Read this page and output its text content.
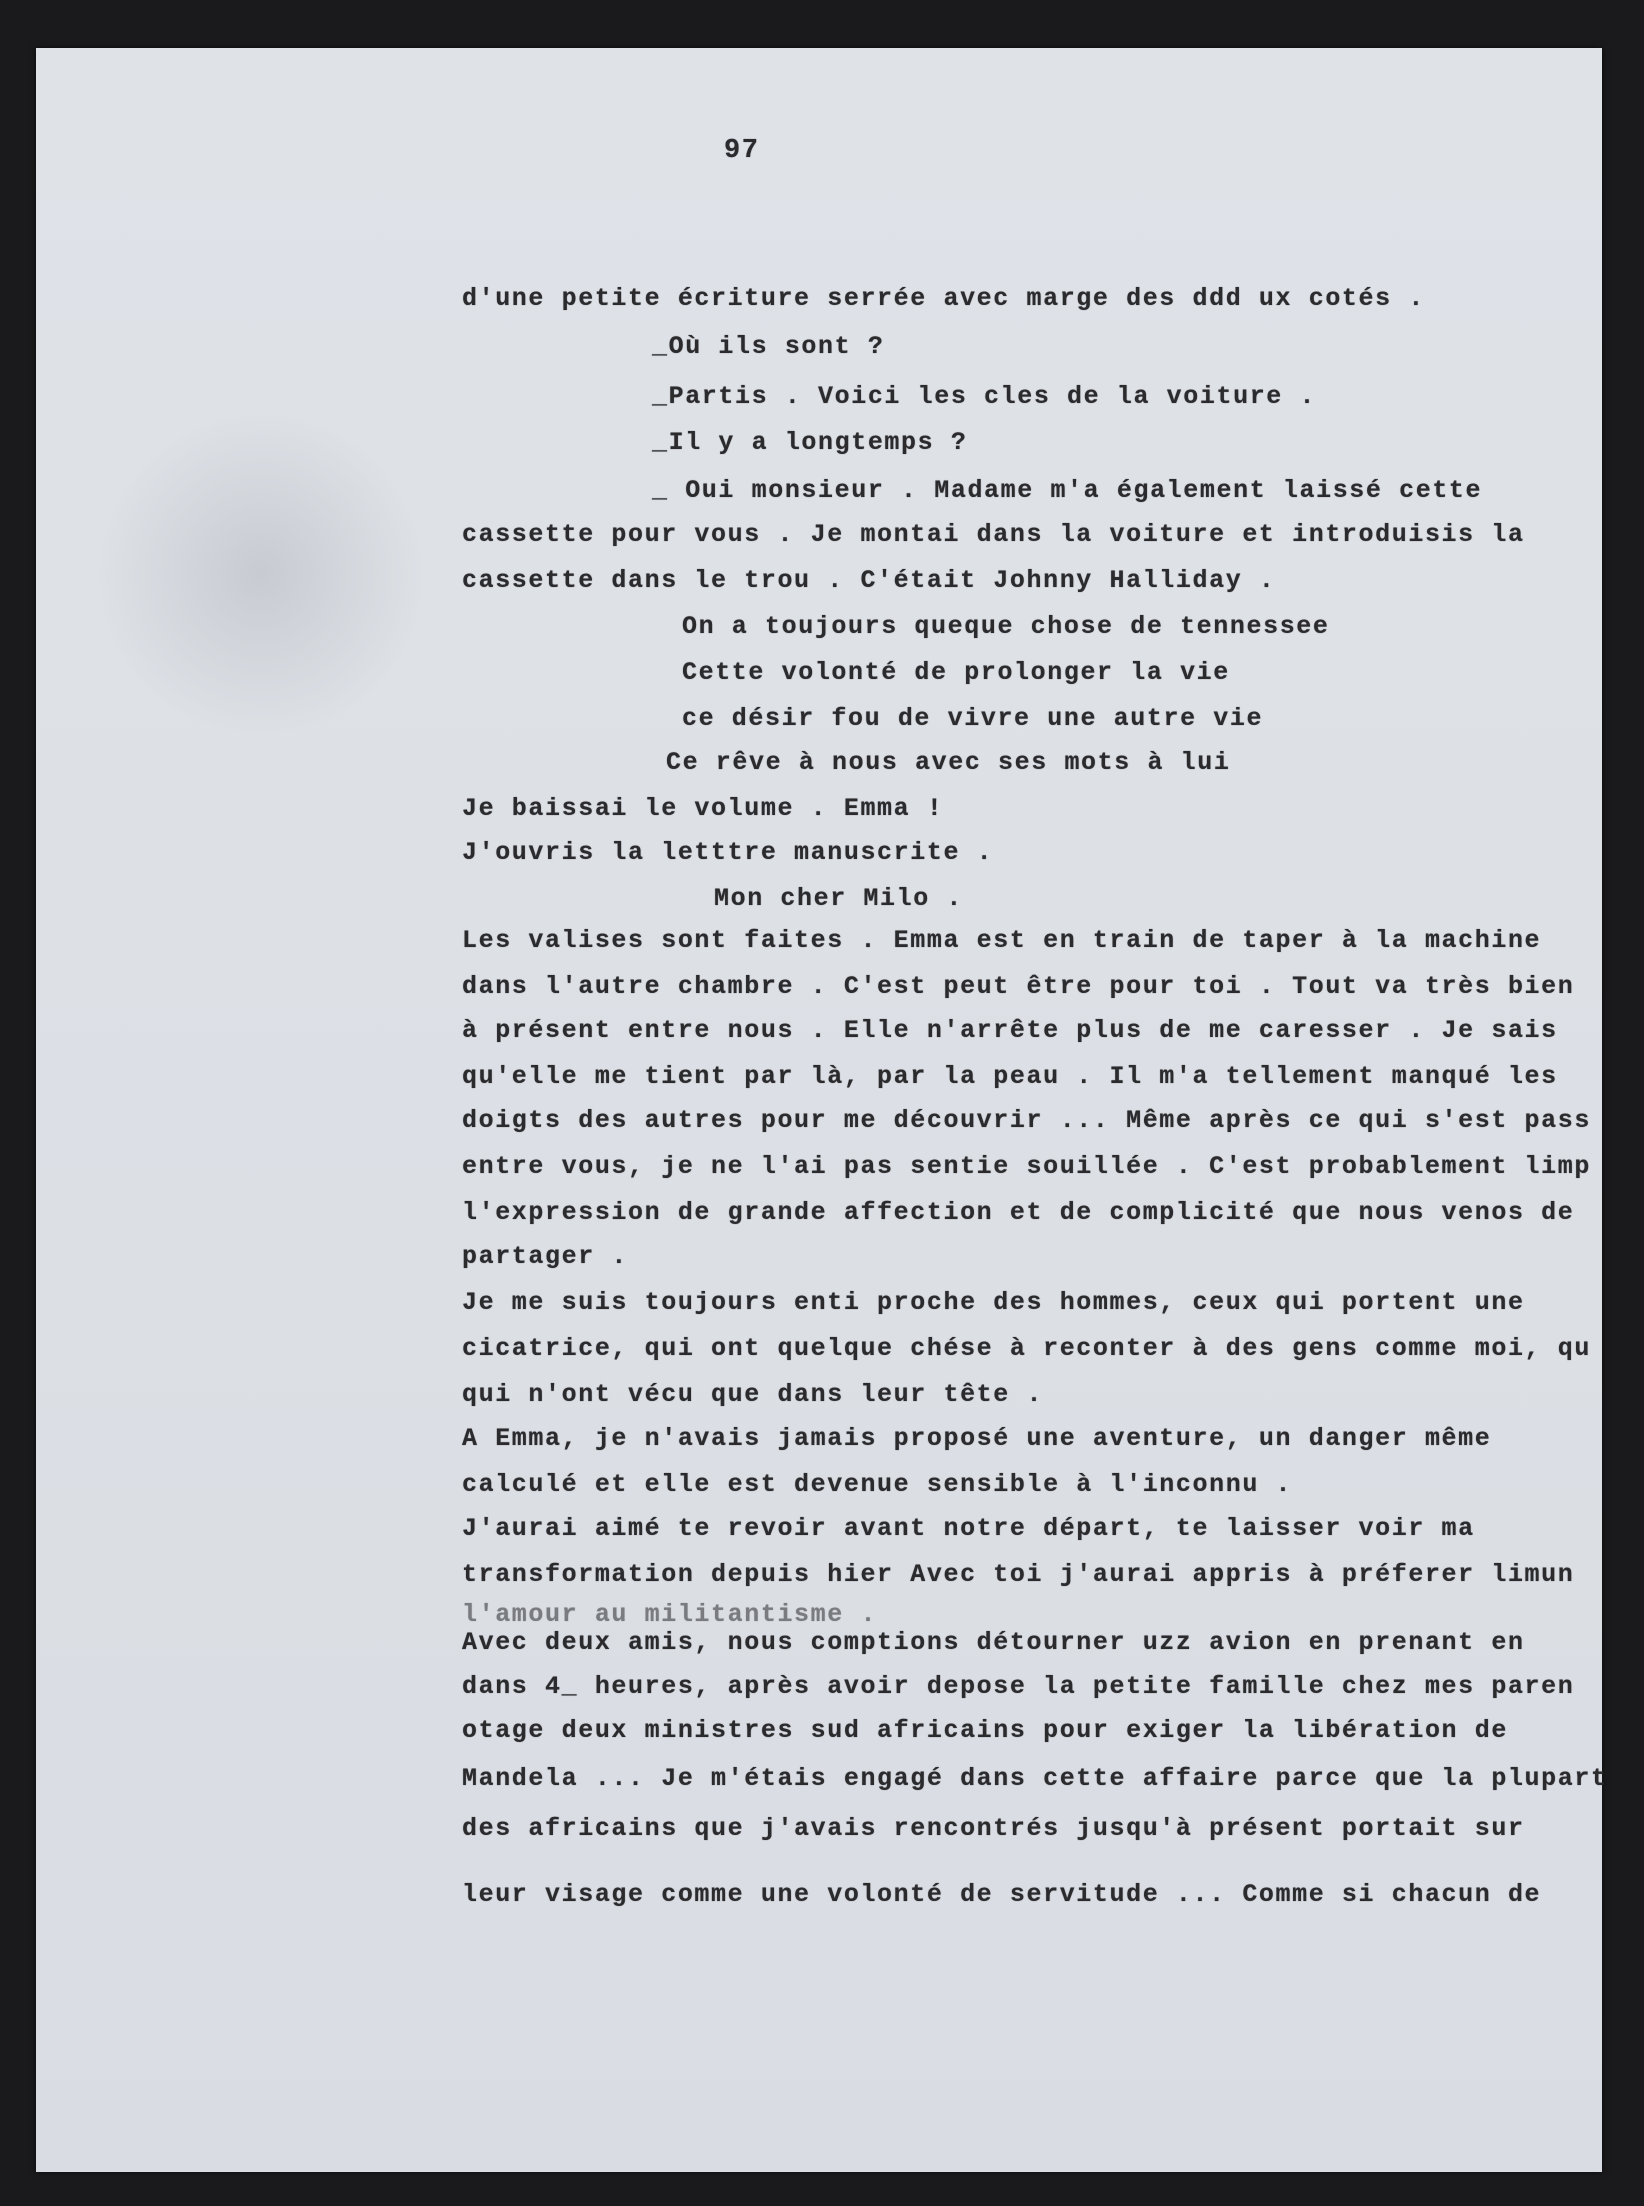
97
d'une petite écriture serrée avec marge des ddd ux cotés .
_Où ils sont ?
_Partis . Voici les cles de la voiture .
_Il y a longtemps ?
_ Oui monsieur . Madame m'a également laissé cette
cassette pour vous . Je montai dans la voiture et introduisis la
cassette dans le trou . C'était Johnny Halliday .
On a toujours queque chose de tennessee
Cette volonté de prolonger la vie
ce désir fou de vivre une autre vie
Ce rêve à nous avec ses mots à lui
Je baissai le volume . Emma !
J'ouvris la letttre manuscrite .
Mon cher Milo .
Les valises sont faites . Emma est en train de taper à la machine
dans l'autre chambre . C'est peut être pour toi . Tout va très bien
à présent entre nous . Elle n'arrête plus de me caresser . Je sais
qu'elle me tient par là, par la peau . Il m'a tellement manqué les
doigts des autres pour me découvrir ... Même après ce qui s'est pass
entre vous, je ne l'ai pas sentie souillée . C'est probablement limp
l'expression de grande affection et de complicité que nous venos de
partager .
Je me suis toujours enti proche des hommes, ceux qui portent une
cicatrice, qui ont quelque chése à reconter à des gens comme moi, qu
qui n'ont vécu que dans leur tête .
A Emma, je n'avais jamais proposé une aventure, un danger même
calculé et elle est devenue sensible à l'inconnu .
J'aurai aimé te revoir avant notre départ, te laisser voir ma
transformation depuis hier Avec toi j'aurai appris à préferer limun
l'amour au militantisme .
Avec deux amis, nous comptions détourner uzz avion en prenant en
dans 4_ heures, après avoir depose la petite famille chez mes paren
otage deux ministres sud africains pour exiger la libération de
Mandela ... Je m'étais engagé dans cette affaire parce que la plupart
des africains que j'avais rencontrés jusqu'à présent portait sur
leur visage comme une volonté de servitude ... Comme si chacun de
